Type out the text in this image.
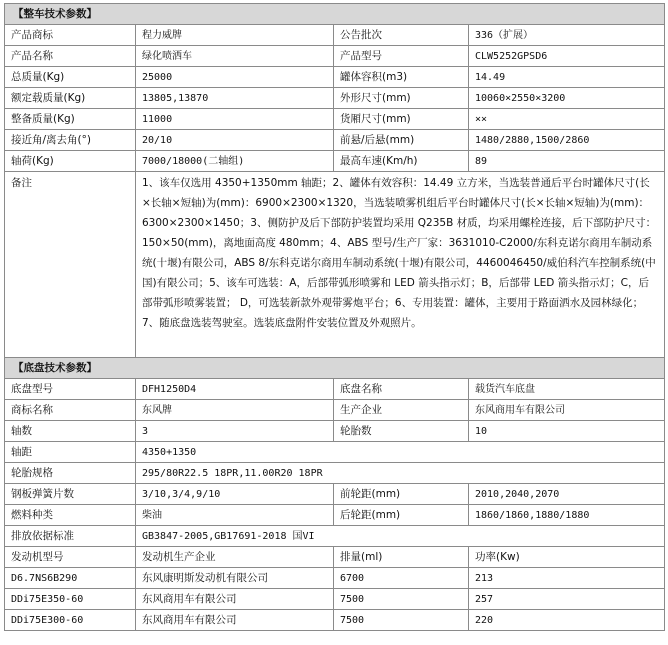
【整车技术参数】			
产品商标	程力威牌	公告批次	336（扩展）
产品名称	绿化喷洒车	产品型号	CLW5252GPSD6
总质量(Kg)	25000	罐体容积(m3)	14.49
额定载质量(Kg)	13805,13870	外形尺寸(mm)	10060×2550×3200
整备质量(Kg)	11000	货厢尺寸(mm)	××
接近角/离去角(°)	20/10	前悬/后悬(mm)	1480/2880,1500/2860
轴荷(Kg)	7000/18000(二轴组)	最高车速(Km/h)	89
备注	1、该车仅选用 4350+1350mm 轴距；2、罐体有效容积：14.49 立方米，当选装普通后平台时罐体尺寸(长×长轴×短轴)为(mm)：6900×2300×1320，当选装喷雾机组后平台时罐体尺寸(长×长轴×短轴)为(mm)：6300×2300×1450；3、侧防护及后下部防护装置均采用 Q235B 材质，均采用螺栓连接，后下部防护尺寸：150×50(mm)，离地面高度 480mm；4、ABS 型号/生产厂家：3631010-C2000/东科克诺尔商用车制动系统(十堰)有限公司，ABS 8/东科克诺尔商用车制动系统(十堰)有限公司，4460046450/威伯科汽车控制系统(中国)有限公司；5、该车可选装：A，后部带弧形喷雾和 LED 箭头指示灯；B，后部带 LED 箭头指示灯；C，后部带弧形喷雾装置； D，可选装新款外观带雾炮平台；6、专用装置：罐体，主要用于路面洒水及园林绿化；7、随底盘选装驾驶室。选装底盘附件安装位置及外观照片。		
【底盘技术参数】			
底盘型号	DFH1250D4	底盘名称	载货汽车底盘
商标名称	东风牌	生产企业	东风商用车有限公司
轴数	3	轮胎数	10
轴距	4350+1350		
轮胎规格	295/80R22.5 18PR,11.00R20 18PR		
钢板弹簧片数	3/10,3/4,9/10	前轮距(mm)	2010,2040,2070
燃料种类	柴油	后轮距(mm)	1860/1860,1880/1880
排放依据标准	GB3847-2005,GB17691-2018 国VI		
发动机型号	发动机生产企业	排量(ml)	功率(Kw)
D6.7NS6B290	东风康明斯发动机有限公司	6700	213
DDi75E350-60	东风商用车有限公司	7500	257
DDi75E300-60	东风商用车有限公司	7500	220
